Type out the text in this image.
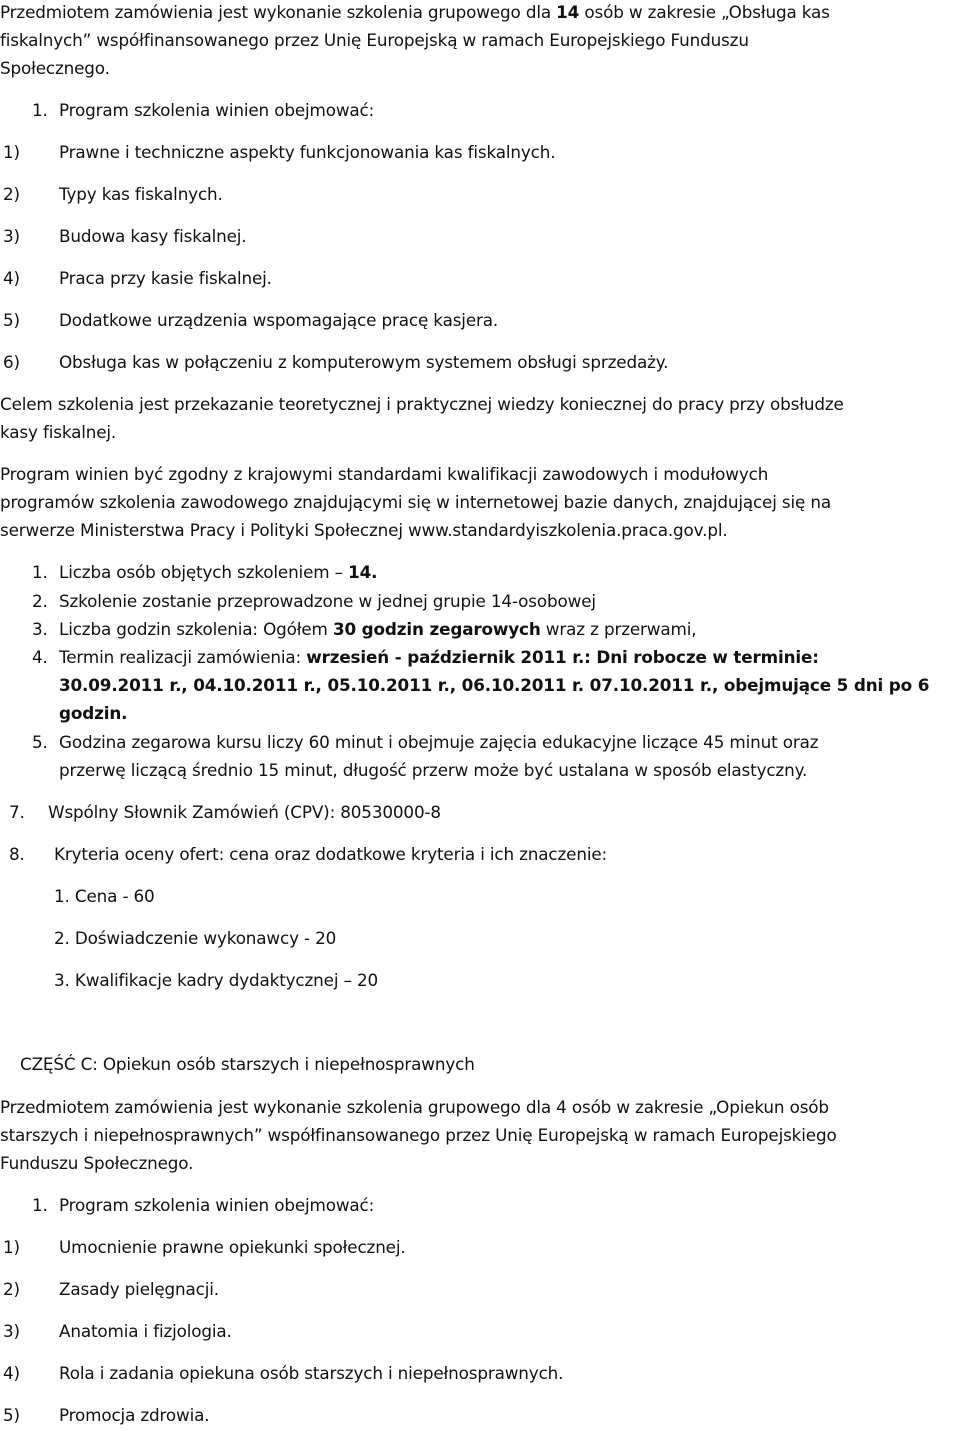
Przedmiotem zamówienia jest wykonanie szkolenia grupowego dla 14 osób w zakresie „Obsługa kas
fiskalnych” współfinansowanego przez Unię Europejską w ramach Europejskiego Funduszu
Społecznego.
1. Program szkolenia winien obejmować:
1) Prawne i techniczne aspekty funkcjonowania kas fiskalnych.
2) Typy kas fiskalnych.
3) Budowa kasy fiskalnej.
4) Praca przy kasie fiskalnej.
5) Dodatkowe urządzenia wspomagające pracę kasjera.
6) Obsługa kas w połączeniu z komputerowym systemem obsługi sprzedaży.
Celem szkolenia jest przekazanie teoretycznej i praktycznej wiedzy koniecznej do pracy przy obsłudze
kasy fiskalnej.
Program winien być zgodny z krajowymi standardami kwalifikacji zawodowych i modułowych
programów szkolenia zawodowego znajdującymi się w internetowej bazie danych, znajdującej się na
serwerze Ministerstwa Pracy i Polityki Społecznej www.standardyiszkolenia.praca.gov.pl.
1. Liczba osób objętych szkoleniem – 14.
2. Szkolenie zostanie przeprowadzone w jednej grupie 14-osobowej
3. Liczba godzin szkolenia: Ogółem 30 godzin zegarowych wraz z przerwami,
4. Termin realizacji zamówienia: wrzesień - październik 2011 r.: Dni robocze w terminie:
30.09.2011 r., 04.10.2011 r., 05.10.2011 r., 06.10.2011 r. 07.10.2011 r., obejmujące 5 dni po 6
godzin.
5. Godzina zegarowa kursu liczy 60 minut i obejmuje zajęcia edukacyjne liczące 45 minut oraz
przerwę liczącą średnio 15 minut, długość przerw może być ustalana w sposób elastyczny.
7. Wspólny Słownik Zamówień (CPV): 80530000-8
8. Kryteria oceny ofert: cena oraz dodatkowe kryteria i ich znaczenie:
1. Cena - 60
2. Doświadczenie wykonawcy - 20
3. Kwalifikacje kadry dydaktycznej – 20
CZĘŚĆ C: Opiekun osób starszych i niepełnosprawnych
Przedmiotem zamówienia jest wykonanie szkolenia grupowego dla 4 osób w zakresie „Opiekun osób
starszych i niepełnosprawnych” współfinansowanego przez Unię Europejską w ramach Europejskiego
Funduszu Społecznego.
1. Program szkolenia winien obejmować:
1) Umocnienie prawne opiekunki społecznej.
2) Zasady pielęgnacji.
3) Anatomia i fizjologia.
4) Rola i zadania opiekuna osób starszych i niepełnosprawnych.
5) Promocja zdrowia.
